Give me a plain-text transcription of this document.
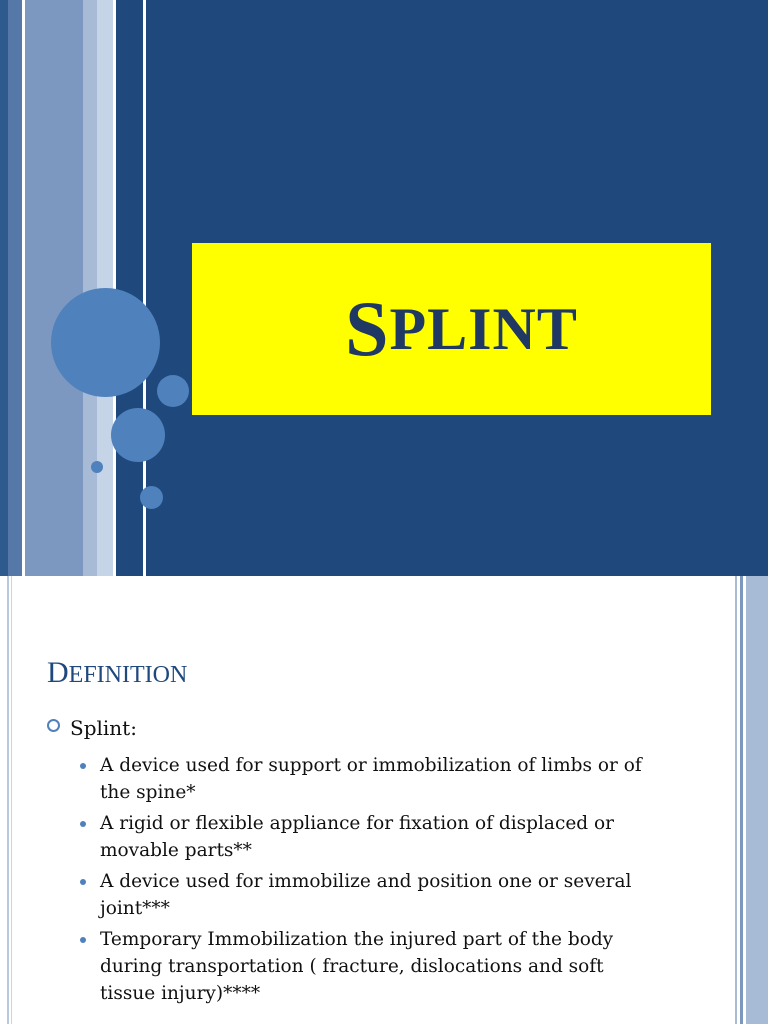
S PLINT
DEFINITION
Splint:
A device used for support or immobilization of limbs or of the spine*
A rigid or flexible appliance for fixation of displaced or movable parts**
A device used for immobilize and position one or several joint***
Temporary Immobilization the injured part of the body during transportation ( fracture, dislocations and soft tissue injury)****
